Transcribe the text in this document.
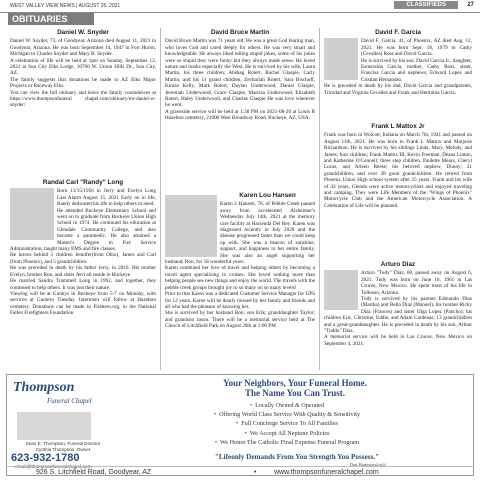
WEST VALLEY VIEW NEWS | AUGUST 25, 2021	CLASSIFIEDS	27
OBITUARIES
Daniel W. Snyder

Daniel W. Snyder, 73, of Goodyear, Arizona died August 11, 2021 in Goodyear, Arizona. He was born September 14, 1947 in Fort Huron, Michigan to Charles Snyder and Mary R. Snyder.

A celebration of life will be held at 1pm on Sunday, September 12, 2021 at Sun City Elks Lodge, 10760 W. Union Hills Dr., Sun City, AZ.

The family suggests that donations be made to AZ Elks Major Projects or Raceway Elks.

You can view the full obituary and leave the family condolences at https://www.thompsonfuneral chapel.com/obituary/mr-daniel-w-snyder/

Randal Carl "Randy" Long

Born 11/15/1956 to Jerry and Evelyn Long Last Alarm August 15, 2021 Early on in life, Randy dedicated his life to help others in need.

He attended Buckeye Elementary School and went on to graduate from Buckeye Union High School in 1974. He continued his education at Glendale Community College, and also became a paramedic. He also attained a Master's Degree in Fire Service Administration, taught many EMS and fire classes.

He leaves behind 3 children Jennifer(from Ohio), James and Carl (from Phoenix), and 5 grandchildren.

He was preceded in death by his father Jerry, in 2010. His mother Evelyn, brother Ron, and sister Jerri all reside in Buckeye.

He married Sandra Trammell Long in 1992, and together, they continued to help others. It was just their nature.

Viewing will be at Gunkys in Buckeye from 5-7 on Monday, with services at Gunleys Tuesday. Interment will follow at Hazelton cemetery. Donations can be made to Firehero.org, to the National Fallen Firefighters Foundation

David Bruce Martin

David Bruce Martin was 71 years old. He was a great God fearing man, who loves God and cared deeply for others. He was very smart and knowledgeable. He always liked telling stupid jokes, some of his jokes were so stupid they were funny but they always made sense. He loved nature and books especially the West. He is survived by his wife, Laura Martin, his three children; Abshag Rotert, Rachel Glaspie, Carly Martin, and his 11 grand children, Zechariah Rotert, Sara Bischoff, Kinzie Kelly, Mark Rotert, Daylan Underwood, Daniel Glaspie, Jeremiah Underwood, Grace Glaspie, Marissa Underwood, Elizabeth Rotert, Haley Underwood, and Charles Glaspie He was love wherever he went.

A graveside service will be held at 1:30 PM on 2021-08-20 at Louis B Hazelton cemetery, 21000 West Broadway Road, Buckeye, AZ, USA.

Karen Lou Hansen

Karen I. Hansen, 78, of Pebble Creek passed away from accelerated Alzheimer's Wednesday July 14th, 2021 at the memory care facility at Hacienda Del Rey. Karen was diagnosed recently in July 2020 and the disease progressed faster than we could keep up with. She was a beacon of sunshine, support, and happiness to her entire family. She was also an angel supporting her husband, Ron, for 58 wonderful years.

Karen combined her love of travel and helping others by becoming a travel agent specializing in cruises. She loved nothing more than helping people see new things and enjoy the world. The travels with the pebble creek groups brought joy to so many on so many levels!

Prior to that Karen was a dedicated Customer Service Manager for UPS for 12 years. Karen will be dearly missed by her family and friends and all who had the pleasure of knowing her.

She is survived by her husband Ron; son Erik; granddaughter Taylor; and grandson Jason. There will be a memorial service held at The Church of Litchfield Park on August 28th at 1:00 PM

David F. Garcia

David F. Garcia, 41, of Phoenix, AZ died Aug. 12, 2021. He was born Sept. 18, 1979 to Cathy (Cevalles) Ross and David Garcia.

He is survived by his son, David Garcia Jr., daughter, Esmeralda Garcia, mother, Cathy Ross, sister, Francisa Garcia and nephews, Edward Lopez and Cristian Hernandez.

He is preceded in death by his dad, David Garcia and grandparents, Trinidad and Virginia Cevalles and Frank and Herminia Garcia.

Frank L Mattox Jr

Frank was born in Wolcott, Indiana on March 7th, 1941 and passed on August 11th, 2021. He was born to Frank L Mattox and Marjorie Richardson. He is survived by his siblings Linda, Mary, Melody, and James; four children; Frank Mattox III, Kevin Freeman, Deana Linton, and Katherine O'Connell; three step children, Paulette Mears, Cheryl Lucas, and Arleen Reese; his beloved nephew, Donny; 21 grandchildren, and over 38 great grandchildren. He retired from Phoenix Union High school system after 25 years. Frank and his wife of 43 years, Glenda were active motorcyclists and enjoyed traveling and camping. They were Life Members of the "Wings of Phoenix" Motorcycle Club and the American Motorcycle Association. A Celebration of Life will be planned.

Arturo Diaz

Arturo "Tudy" Diaz, 60, passed away on August 6, 2021. Tudy was born on June 16, 1961 in Las Cruces, New Mexico. He spent most of his life in Tolleson, Arizona.

Tudy is survived by his parents Edmundo Diaz (Martha) and Bella Diaz (Manuel), his brother Ricky Diaz (Frances) and sister Olga Lopez (Pancho); his children Eric, Christine, Eddie, and Adam Cardenas; 13 grandchildren and a great-granddaughter. He is preceded in death by his son, Arthur "Tuddo" Diaz.

A memorial service will be held in Las Cruces, New Mexico on September 4, 2021.

Thompson
Funeral Chapel
Sean E. Thompson, Funeral Director
Cynthia Thompson, Owner
623-932-1780
email@thompsonfuneralchapel.com
Your Neighbors, Your Funeral Home.
The Name You Can Trust.
• Locally Owned & Operated
• Offering World Class Service With Quality & Sensitivity
• Full Concierge Service To All Families
• We Accept All Neptune Policies
• We Honor The Catholic Final Expense Funeral Program
"Lifeonly Demands From You Strength You Possess."
- Dag Hammarskjold
926 S. Litchfield Road, Goodyear, AZ	•	www.thompsonfuneralchapel.com
